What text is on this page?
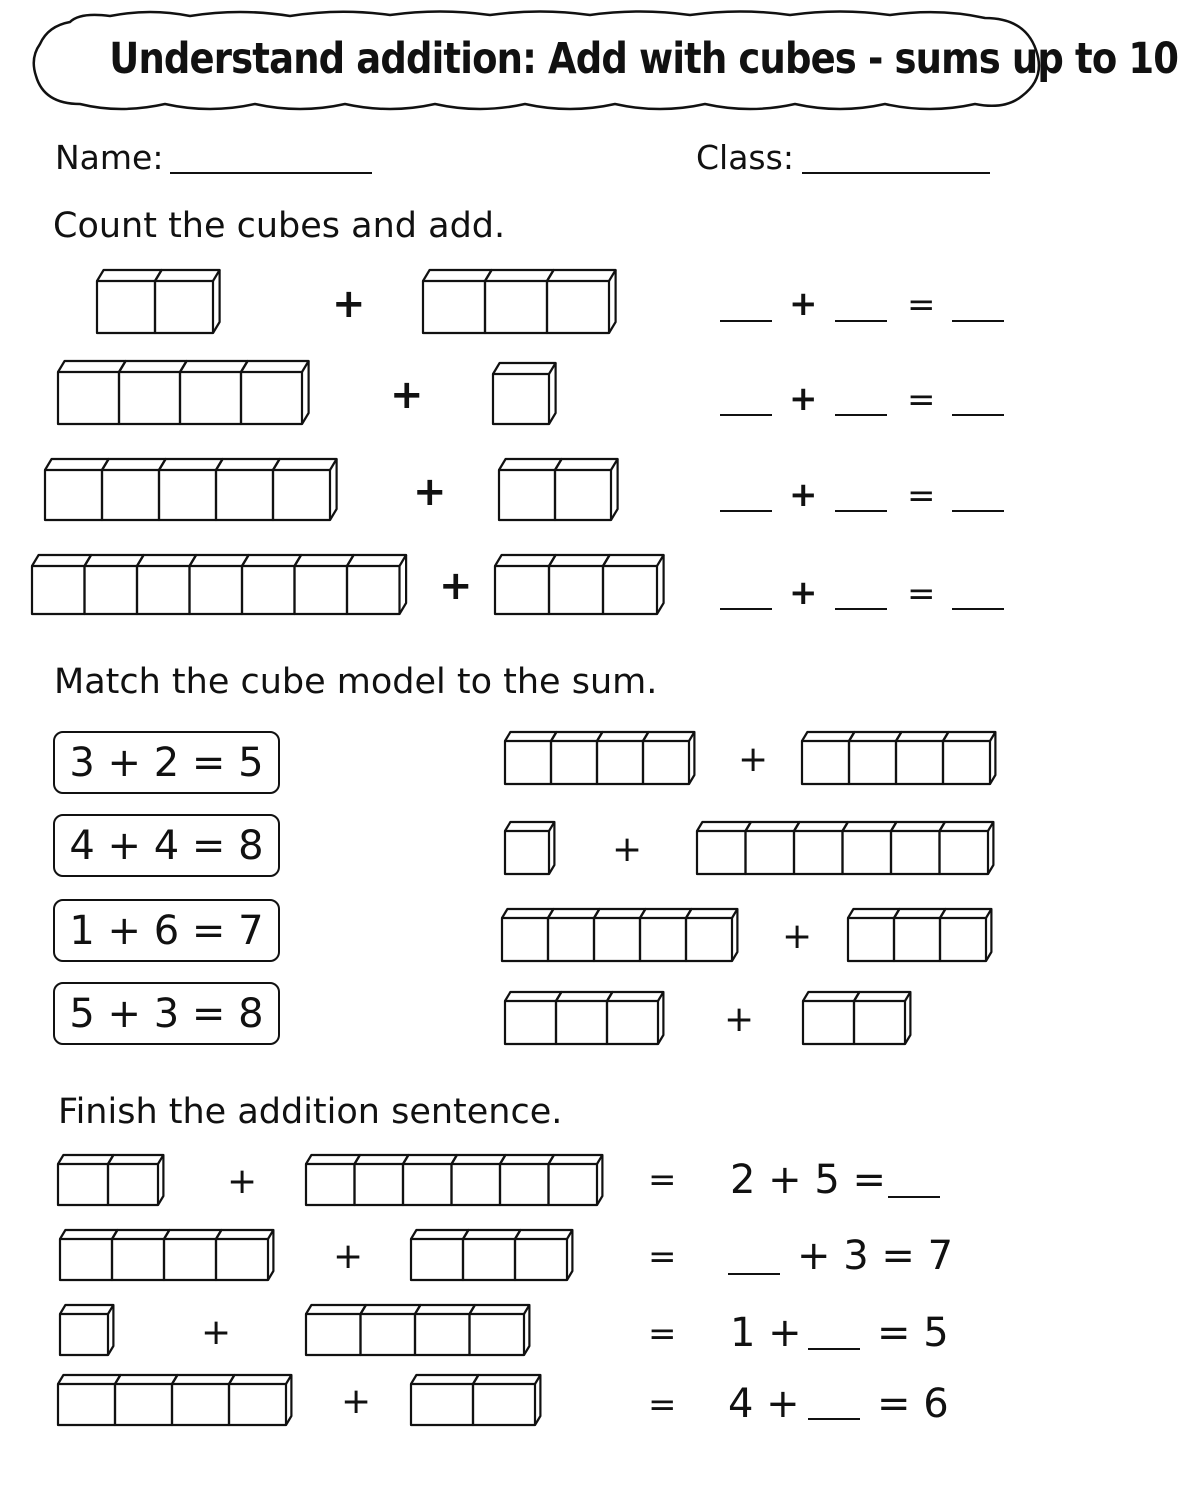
Understand addition: Add with cubes - sums up to 10
Name:	Class:
Count the cubes and add.
+	+	=
+	+	=
+	+	=
+	+	=
Match the cube model to the sum.
3 + 2 = 5
4 + 4 = 8
1 + 6 = 7
5 + 3 = 8
+
+
+
+
Finish the addition sentence.
+	= 2 + 5 =
+	=	+ 3 = 7
+	= 1 + = 5
+	= 4 + = 6
